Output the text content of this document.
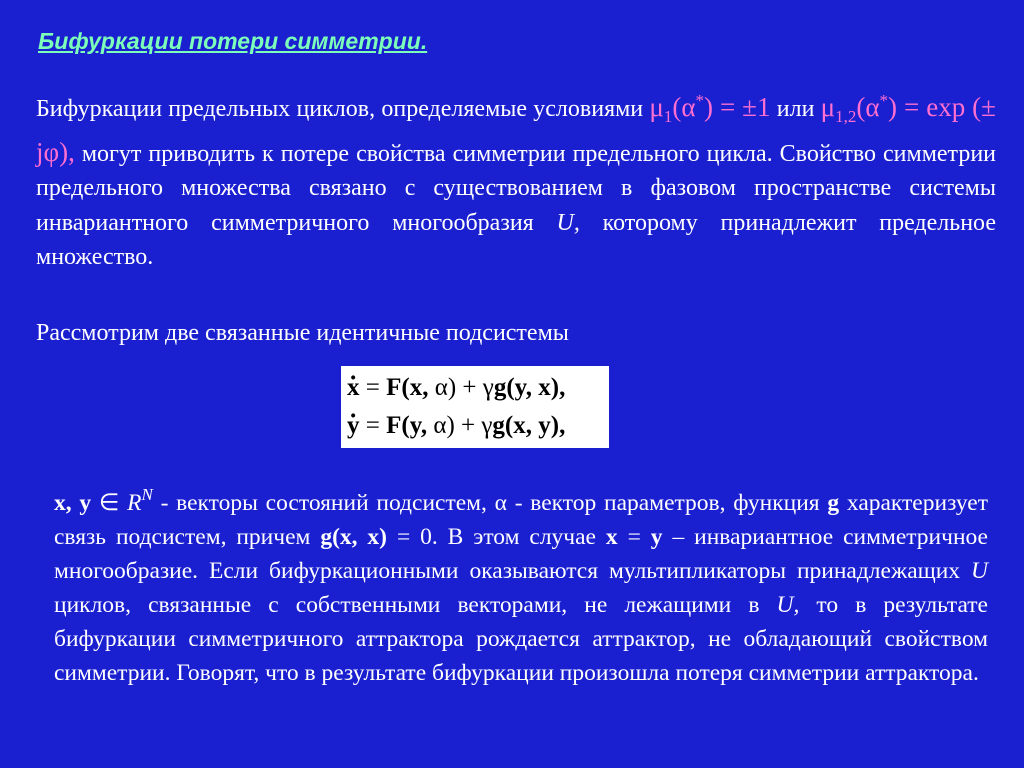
Бифуркации потери симметрии.
Бифуркации предельных циклов, определяемые условиями $\mu_1(\alpha^*) = \pm 1$ или $\mu_{1,2}(\alpha^*) = \exp$ (± jφ), могут приводить к потере свойства симметрии предельного цикла. Свойство симметрии предельного множества связано с существованием в фазовом пространстве системы инвариантного симметричного многообразия U, которому принадлежит предельное множество.
Рассмотрим две связанные идентичные подсистемы
x · = F(x, α) + γg(y, x),
y · = F(y, α) + γg(x, y),
x, y ∈ $R^N$ - векторы состояний подсистем, α - вектор параметров, функция g характеризует связь подсистем, причем g(x, x) = 0. В этом случае x = y – инвариантное симметричное многообразие. Если бифуркационными оказываются мультипликаторы принадлежащих U циклов, связанные с собственными векторами, не лежащими в U, то в результате бифуркации симметричного аттрактора рождается аттрактор, не обладающий свойством симметрии. Говорят, что в результате бифуркации произошла потеря симметрии аттрактора.
